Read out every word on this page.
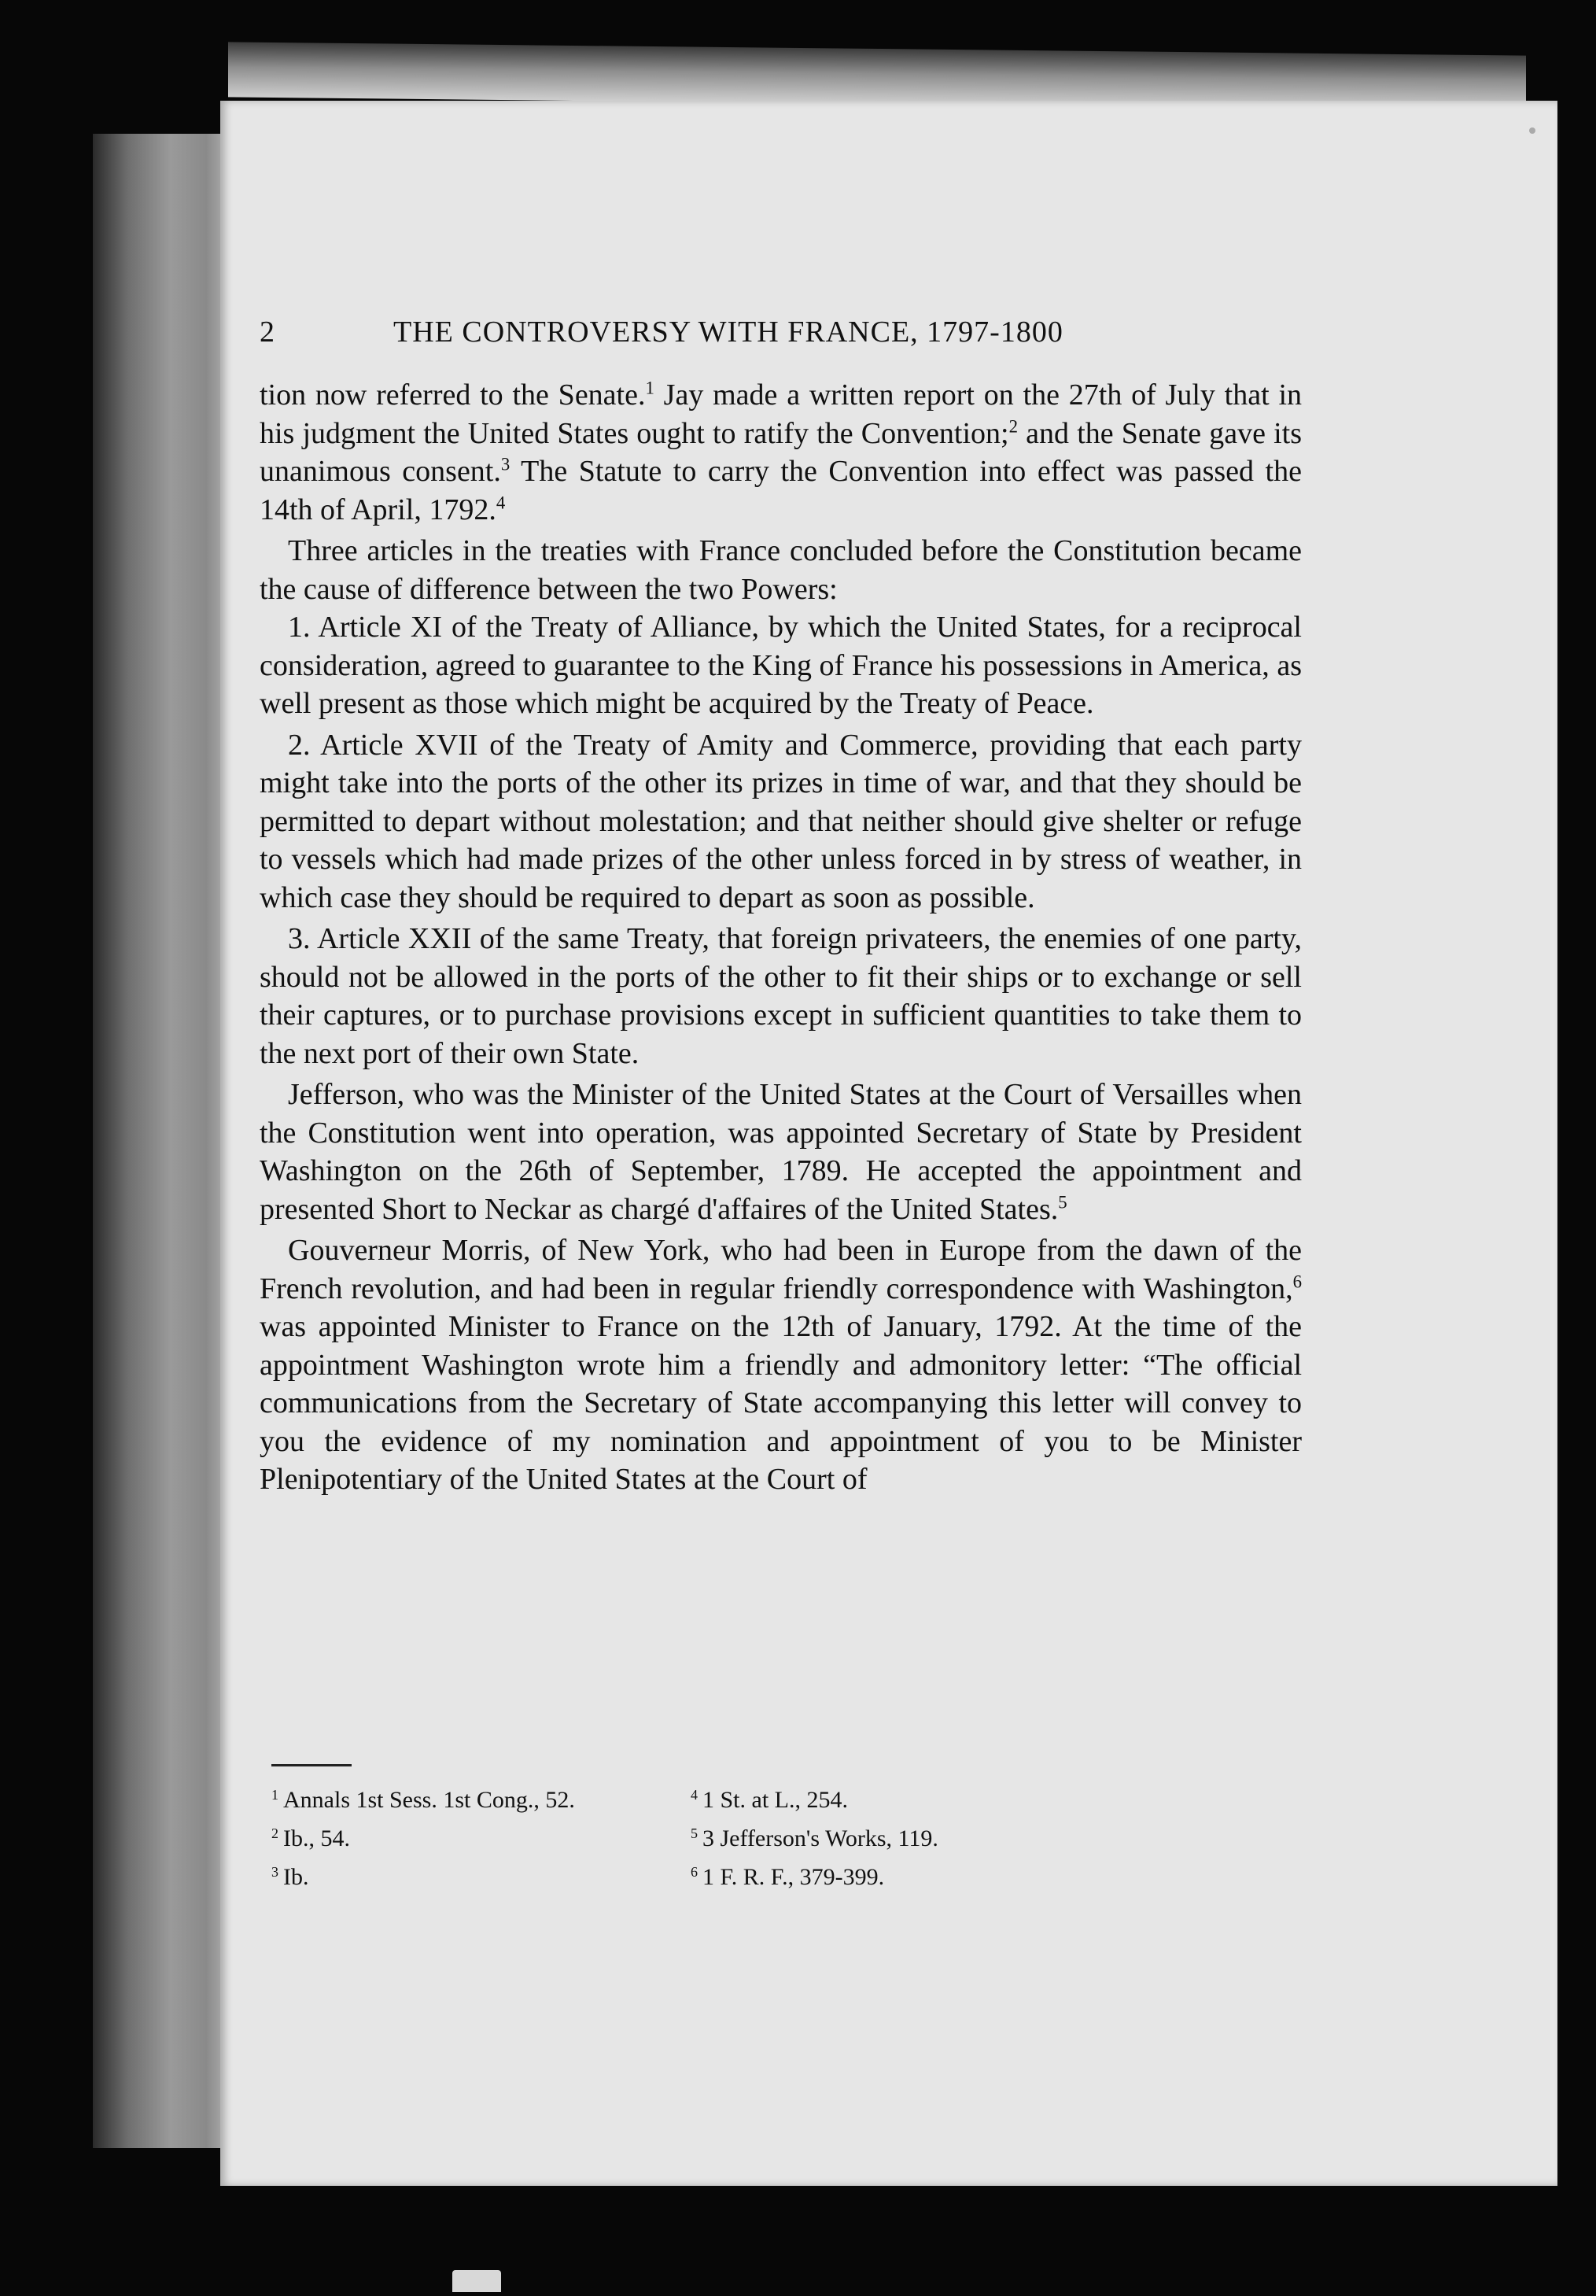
2	THE CONTROVERSY WITH FRANCE, 1797-1800

tion now referred to the Senate.$^1$ Jay made a written report on the 27th of July that in his judgment the United States ought to ratify the Convention;$^2$ and the Senate gave its unanimous consent.$^3$ The Statute to carry the Convention into effect was passed the 14th of April, 1792.$^4$

Three articles in the treaties with France concluded before the Constitution became the cause of difference between the two Powers:

1. Article XI of the Treaty of Alliance, by which the United States, for a reciprocal consideration, agreed to guarantee to the King of France his possessions in America, as well present as those which might be acquired by the Treaty of Peace.

2. Article XVII of the Treaty of Amity and Commerce, providing that each party might take into the ports of the other its prizes in time of war, and that they should be permitted to depart without molestation; and that neither should give shelter or refuge to vessels which had made prizes of the other unless forced in by stress of weather, in which case they should be required to depart as soon as possible.

3. Article XXII of the same Treaty, that foreign privateers, the enemies of one party, should not be allowed in the ports of the other to fit their ships or to exchange or sell their captures, or to purchase provisions except in sufficient quantities to take them to the next port of their own State.

Jefferson, who was the Minister of the United States at the Court of Versailles when the Constitution went into operation, was appointed Secretary of State by President Washington on the 26th of September, 1789. He accepted the appointment and presented Short to Neckar as chargé d'affaires of the United States.$^5$

Gouverneur Morris, of New York, who had been in Europe from the dawn of the French revolution, and had been in regular friendly correspondence with Washington,$^6$ was appointed Minister to France on the 12th of January, 1792. At the time of the appointment Washington wrote him a friendly and admonitory letter: “The official communications from the Secretary of State accompanying this letter will convey to you the evidence of my nomination and appointment of you to be Minister Plenipotentiary of the United States at the Court of

$^1$ Annals 1st Sess. 1st Cong., 52.
$^2$ Ib., 54.
$^3$ Ib.
$^4$ 1 St. at L., 254.
$^5$ 3 Jefferson's Works, 119.
$^6$ 1 F. R. F., 379-399.
